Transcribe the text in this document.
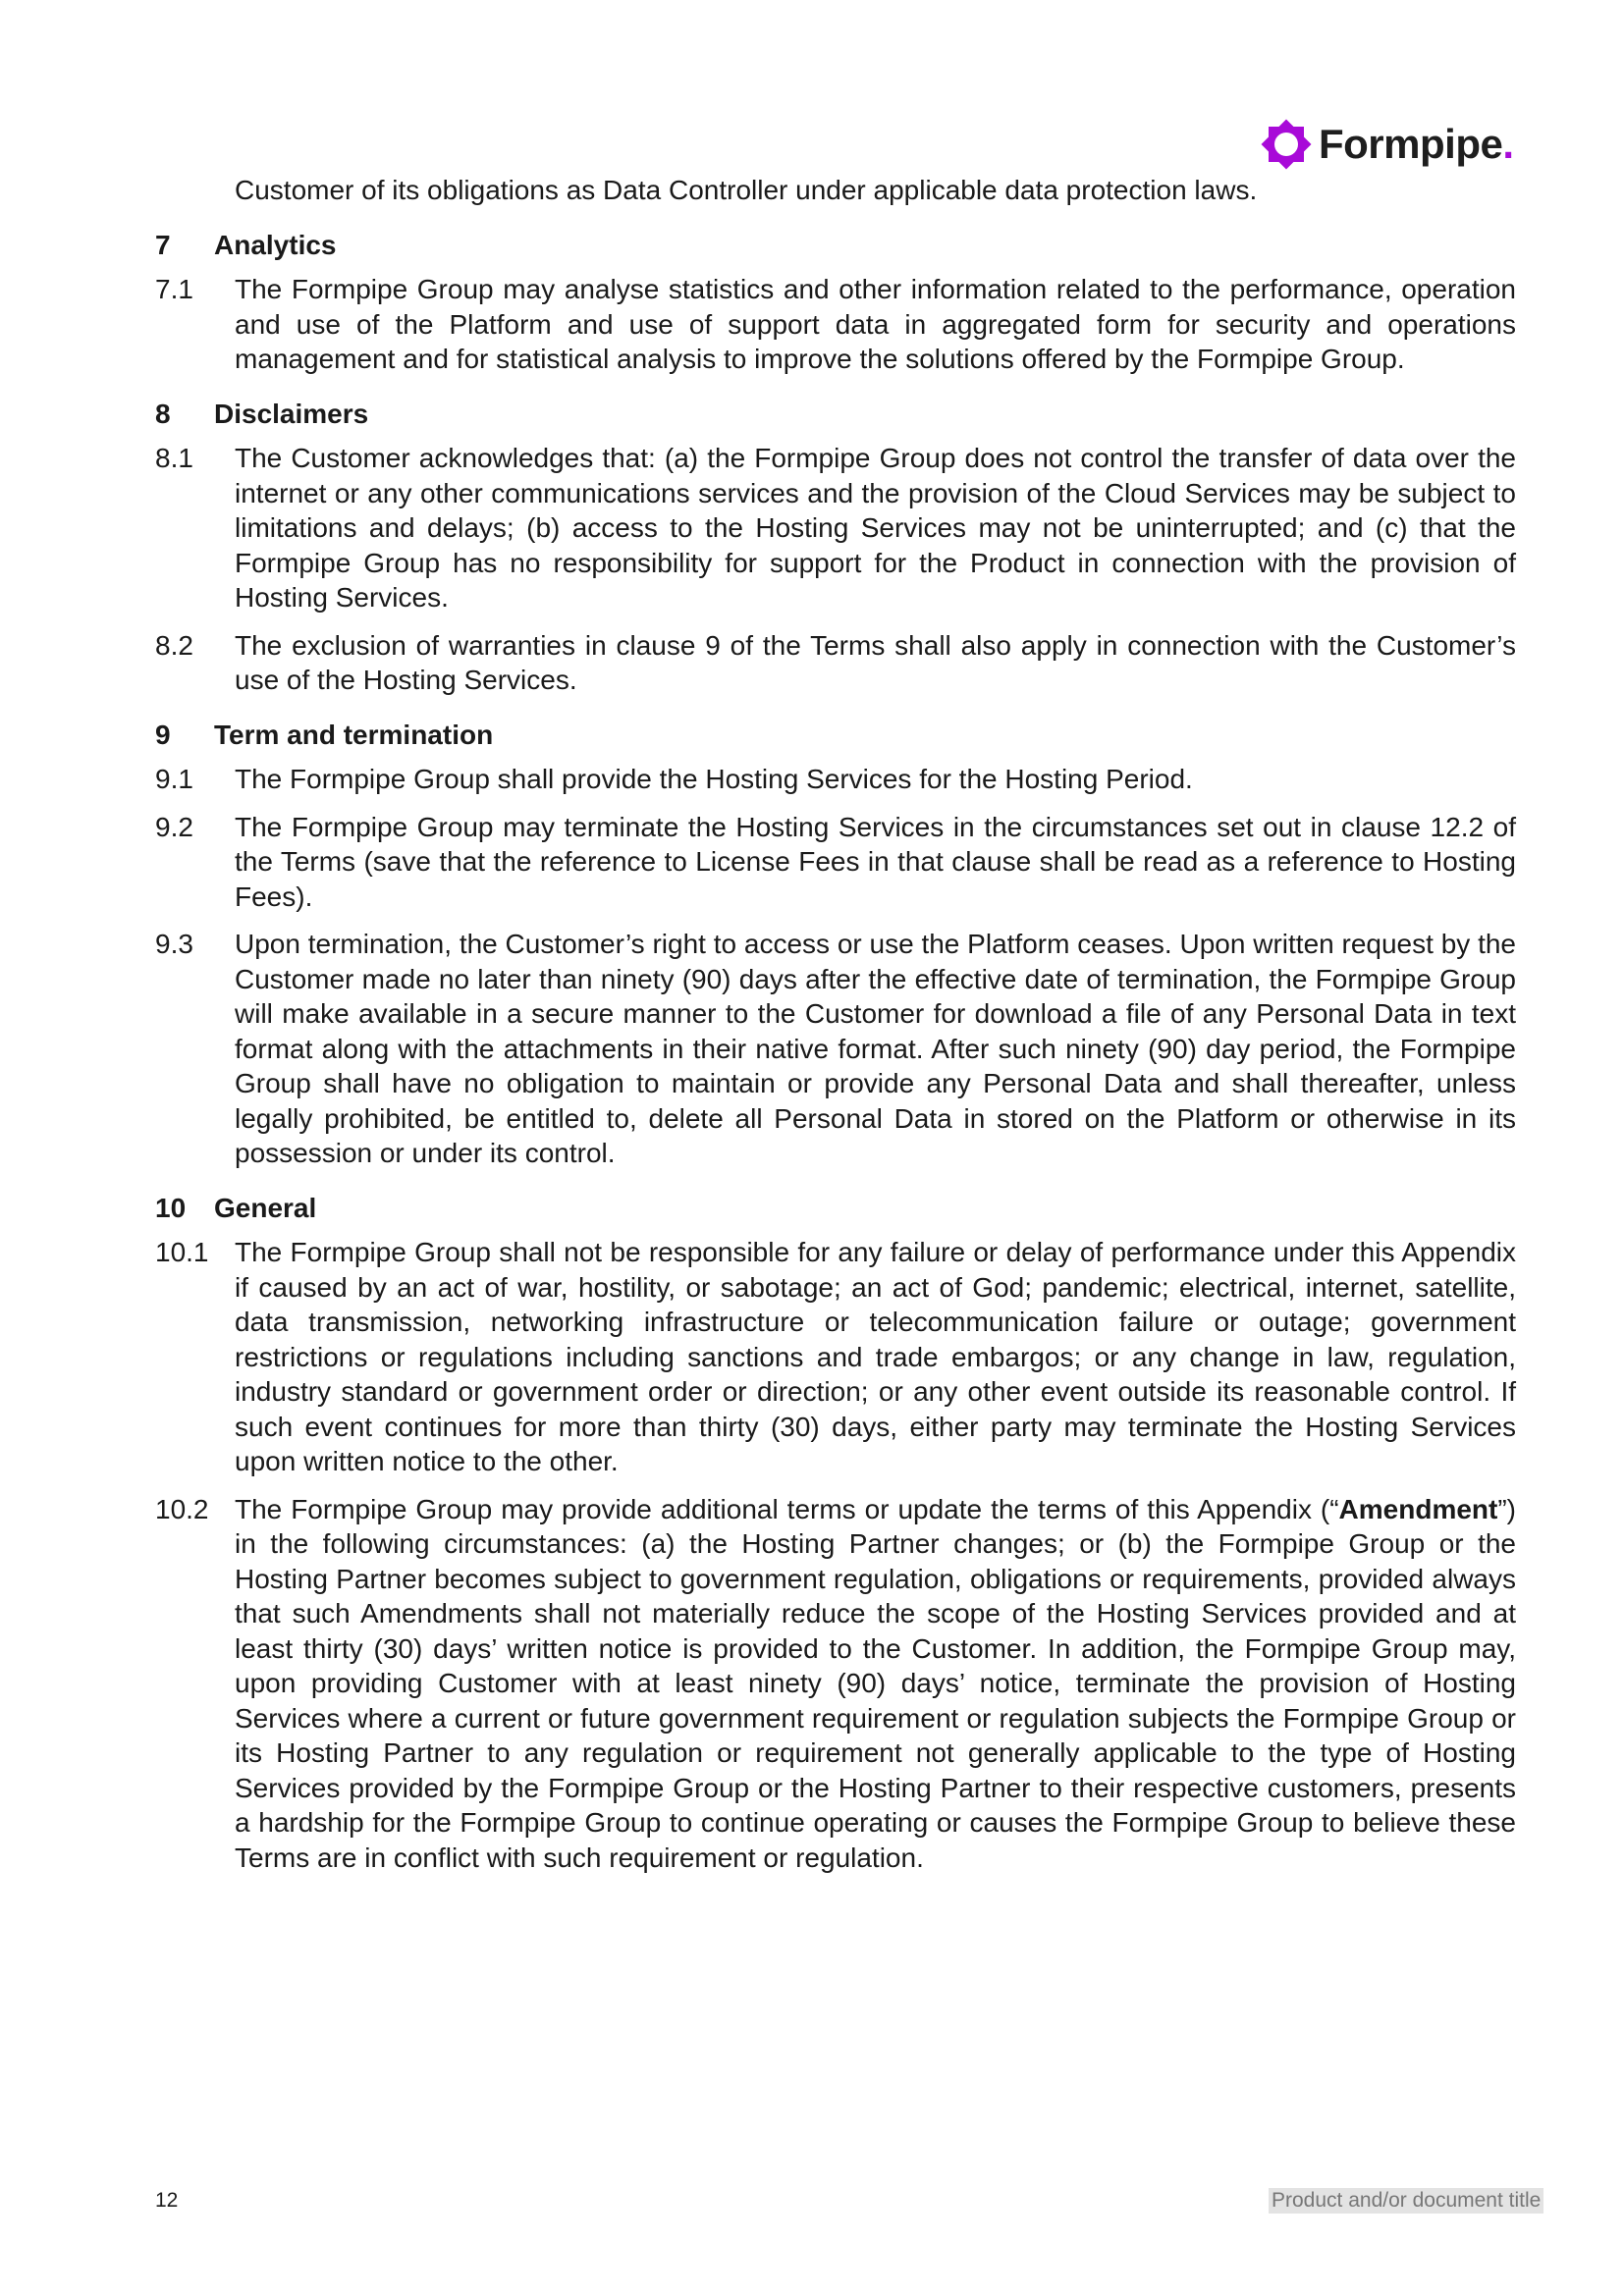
Formpipe .
Customer of its obligations as Data Controller under applicable data protection laws.
7	Analytics
7.1	The Formpipe Group may analyse statistics and other information related to the performance, operation and use of the Platform and use of support data in aggregated form for security and operations management and for statistical analysis to improve the solutions offered by the Formpipe Group.
8	Disclaimers
8.1	The Customer acknowledges that: (a) the Formpipe Group does not control the transfer of data over the internet or any other communications services and the provision of the Cloud Services may be subject to limitations and delays; (b) access to the Hosting Services may not be uninterrupted; and (c) that the Formpipe Group has no responsibility for support for the Product in connection with the provision of Hosting Services.
8.2	The exclusion of warranties in clause 9 of the Terms shall also apply in connection with the Customer’s use of the Hosting Services.
9	Term and termination
9.1	The Formpipe Group shall provide the Hosting Services for the Hosting Period.
9.2	The Formpipe Group may terminate the Hosting Services in the circumstances set out in clause 12.2 of the Terms (save that the reference to License Fees in that clause shall be read as a reference to Hosting Fees).
9.3	Upon termination, the Customer’s right to access or use the Platform ceases. Upon written request by the Customer made no later than ninety (90) days after the effective date of termination, the Formpipe Group will make available in a secure manner to the Customer for download a file of any Personal Data in text format along with the attachments in their native format. After such ninety (90) day period, the Formpipe Group shall have no obligation to maintain or provide any Personal Data and shall thereafter, unless legally prohibited, be entitled to, delete all Personal Data in stored on the Platform or otherwise in its possession or under its control.
10	General
10.1 The Formpipe Group shall not be responsible for any failure or delay of performance under this Appendix if caused by an act of war, hostility, or sabotage; an act of God; pandemic; electrical, internet, satellite, data transmission, networking infrastructure or telecommunication failure or outage; government restrictions or regulations including sanctions and trade embargos; or any change in law, regulation, industry standard or government order or direction; or any other event outside its reasonable control. If such event continues for more than thirty (30) days, either party may terminate the Hosting Services upon written notice to the other.
10.2 The Formpipe Group may provide additional terms or update the terms of this Appendix (“Amendment”) in the following circumstances: (a) the Hosting Partner changes; or (b) the Formpipe Group or the Hosting Partner becomes subject to government regulation, obligations or requirements, provided always that such Amendments shall not materially reduce the scope of the Hosting Services provided and at least thirty (30) days’ written notice is provided to the Customer. In addition, the Formpipe Group may, upon providing Customer with at least ninety (90) days’ notice, terminate the provision of Hosting Services where a current or future government requirement or regulation subjects the Formpipe Group or its Hosting Partner to any regulation or requirement not generally applicable to the type of Hosting Services provided by the Formpipe Group or the Hosting Partner to their respective customers, presents a hardship for the Formpipe Group to continue operating or causes the Formpipe Group to believe these Terms are in conflict with such requirement or regulation.
12	Product and/or document title
